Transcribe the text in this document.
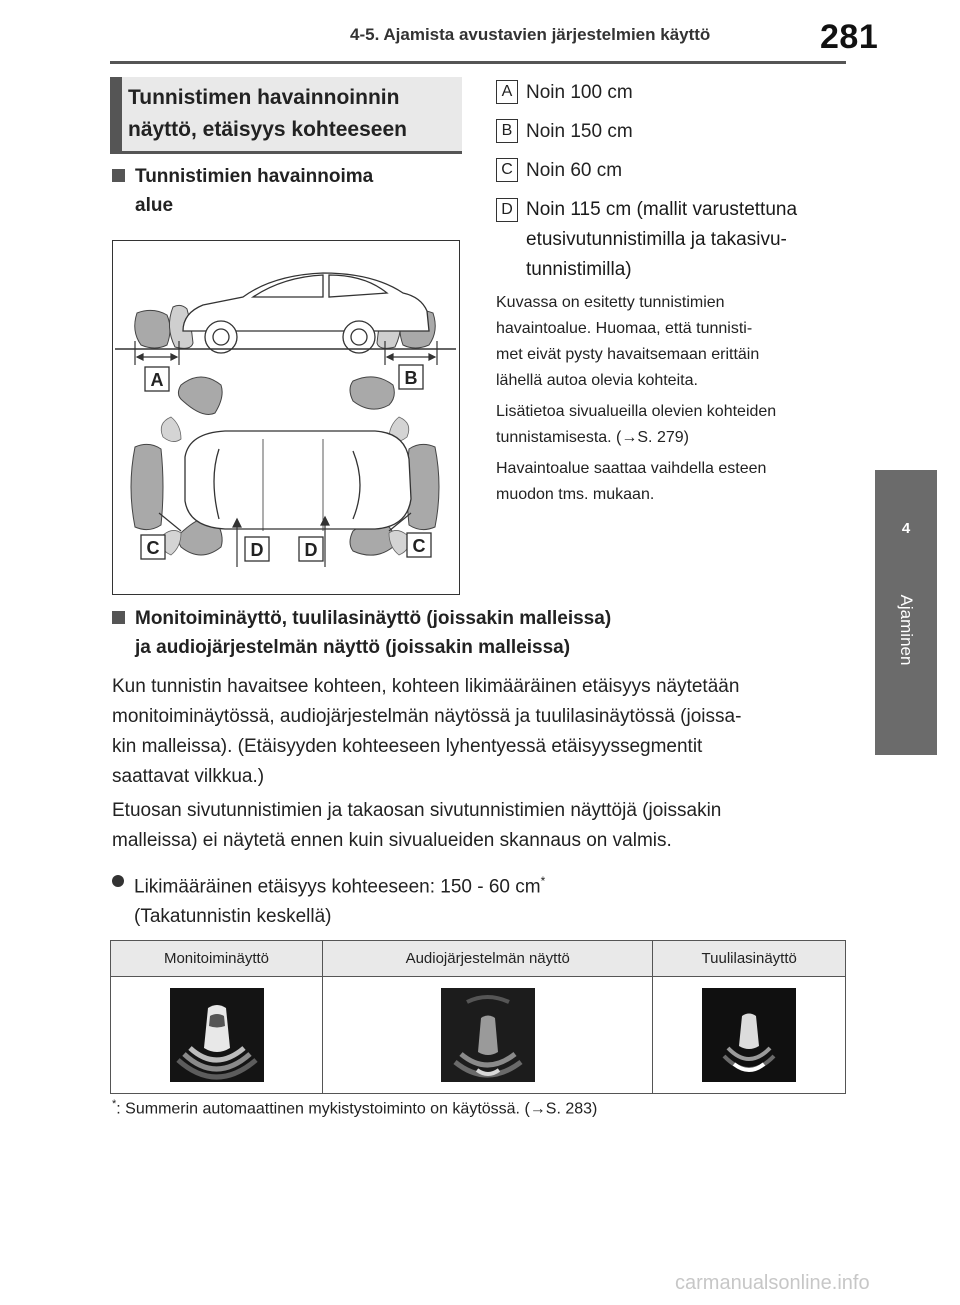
4-5. Ajamista avustavien järjestelmien käyttö	281
4
Ajaminen
Tunnistimen havainnoinnin näyttö, etäisyys kohteeseen
Tunnistimien havainnoima
alue
A	B
C	D D	C
A Noin 100 cm
B Noin 150 cm
C Noin 60 cm
D Noin 115 cm (mallit varustettuna
etusivutunnistimilla ja takasivu-
tunnistimilla)
Kuvassa on esitetty tunnistimien
havaintoalue. Huomaa, että tunnisti-
met eivät pysty havaitsemaan erittäin
lähellä autoa olevia kohteita.
Lisätietoa sivualueilla olevien kohteiden
tunnistamisesta. (→S. 279)
Havaintoalue saattaa vaihdella esteen
muodon tms. mukaan.
Monitoiminäyttö, tuulilasinäyttö (joissakin malleissa)
ja audiojärjestelmän näyttö (joissakin malleissa)
Kun tunnistin havaitsee kohteen, kohteen likimääräinen etäisyys näytetään
monitoiminäytössä, audiojärjestelmän näytössä ja tuulilasinäytössä (joissa-
kin malleissa). (Etäisyyden kohteeseen lyhentyessä etäisyyssegmentit
saattavat vilkkua.)
Etuosan sivutunnistimien ja takaosan sivutunnistimien näyttöjä (joissakin
malleissa) ei näytetä ennen kuin sivualueiden skannaus on valmis.
Likimääräinen etäisyys kohteeseen: 150 - 60 cm*
(Takatunnistin keskellä)
Monitoiminäyttö	Audiojärjestelmän näyttö	Tuulilasinäyttö

*: Summerin automaattinen mykistystoiminto on käytössä. (→S. 283)
carmanualsonline.info
